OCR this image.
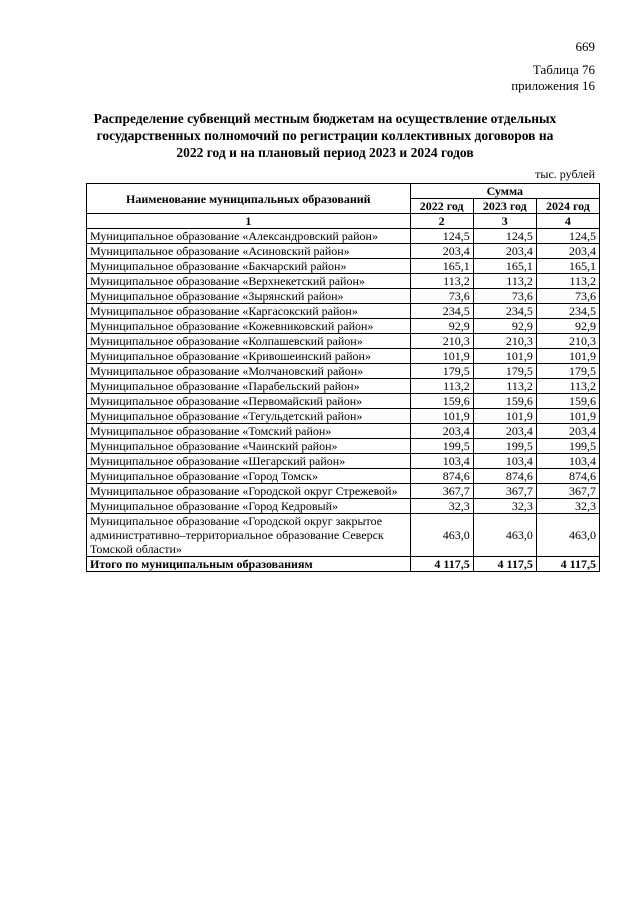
669
Таблица 76
приложения 16
Распределение субвенций местным бюджетам на осуществление отдельных
государственных полномочий по регистрации коллективных договоров на
2022 год и на плановый период 2023 и 2024 годов
тыс. рублей
Наименование муниципальных образований	Сумма		
	2022 год	2023 год	2024 год
1	2	3	4
Муниципальное образование «Александровский район»	124,5	124,5	124,5
Муниципальное образование «Асиновский район»	203,4	203,4	203,4
Муниципальное образование «Бакчарский район»	165,1	165,1	165,1
Муниципальное образование «Верхнекетский район»	113,2	113,2	113,2
Муниципальное образование «Зырянский район»	73,6	73,6	73,6
Муниципальное образование «Каргасокский район»	234,5	234,5	234,5
Муниципальное образование «Кожевниковский район»	92,9	92,9	92,9
Муниципальное образование «Колпашевский район»	210,3	210,3	210,3
Муниципальное образование «Кривошеинский район»	101,9	101,9	101,9
Муниципальное образование «Молчановский район»	179,5	179,5	179,5
Муниципальное образование «Парабельский район»	113,2	113,2	113,2
Муниципальное образование «Первомайский район»	159,6	159,6	159,6
Муниципальное образование «Тегульдетский район»	101,9	101,9	101,9
Муниципальное образование «Томский район»	203,4	203,4	203,4
Муниципальное образование «Чаинский район»	199,5	199,5	199,5
Муниципальное образование «Шегарский район»	103,4	103,4	103,4
Муниципальное образование «Город Томск»	874,6	874,6	874,6
Муниципальное образование «Городской округ Стрежевой»	367,7	367,7	367,7
Муниципальное образование «Город Кедровый»	32,3	32,3	32,3
Муниципальное образование «Городской округ закрытое административно–территориальное образование Северск Томской области»	463,0	463,0	463,0
Итого по муниципальным образованиям	4 117,5	4 117,5	4 117,5
